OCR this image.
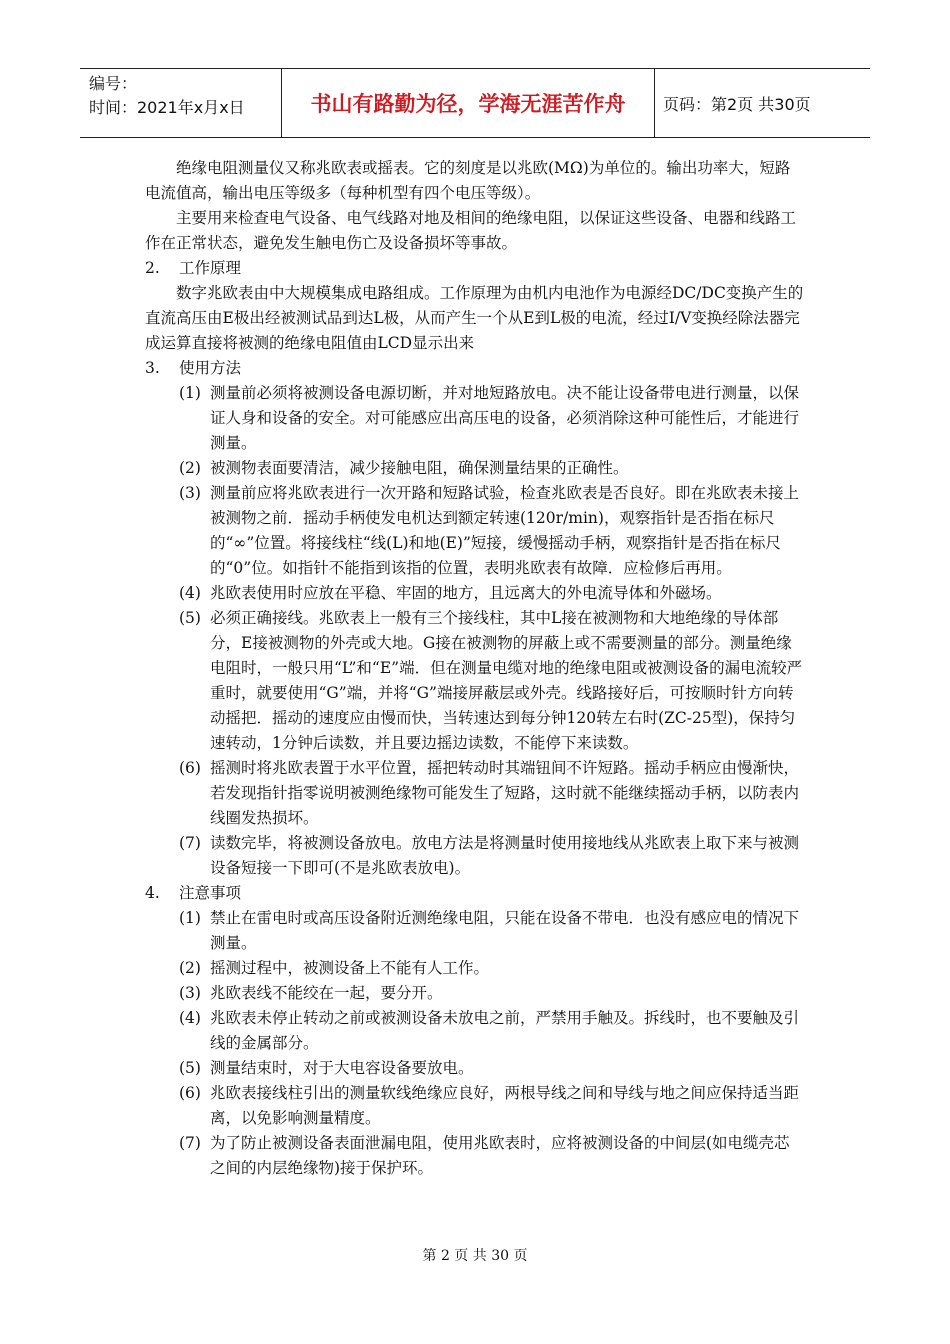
编号：
时间：2021年x月x日	书山有路勤为径，学海无涯苦作舟	页码：第2页 共30页

绝缘电阻测量仪又称兆欧表或摇表。它的刻度是以兆欧(MΩ)为单位的。输出功率大，短路电流值高，输出电压等级多（每种机型有四个电压等级）。

主要用来检查电气设备、电气线路对地及相间的绝缘电阻，以保证这些设备、电器和线路工作在正常状态，避免发生触电伤亡及设备损坏等事故。

2.	工作原理

数字兆欧表由中大规模集成电路组成。工作原理为由机内电池作为电源经DC/DC变换产生的直流高压由E极出经被测试品到达L极，从而产生一个从E到L极的电流，经过I/V变换经除法器完成运算直接将被测的绝缘电阻值由LCD显示出来

3.	使用方法
(1) 测量前必须将被测设备电源切断，并对地短路放电。决不能让设备带电进行测量，以保证人身和设备的安全。对可能感应出高压电的设备，必须消除这种可能性后，才能进行测量。
(2) 被测物表面要清洁，减少接触电阻，确保测量结果的正确性。
(3) 测量前应将兆欧表进行一次开路和短路试验，检查兆欧表是否良好。即在兆欧表未接上被测物之前．摇动手柄使发电机达到额定转速(120r/min)，观察指针是否指在标尺的“∞”位置。将接线柱“线(L)和地(E)”短接，缓慢摇动手柄，观察指针是否指在标尺的“0”位。如指针不能指到该指的位置，表明兆欧表有故障．应检修后再用。
(4) 兆欧表使用时应放在平稳、牢固的地方，且远离大的外电流导体和外磁场。
(5) 必须正确接线。兆欧表上一般有三个接线柱，其中L接在被测物和大地绝缘的导体部分，E接被测物的外壳或大地。G接在被测物的屏蔽上或不需要测量的部分。测量绝缘电阻时，一般只用“L”和“E”端．但在测量电缆对地的绝缘电阻或被测设备的漏电流较严重时，就要使用“G”端，并将“G”端接屏蔽层或外壳。线路接好后，可按顺时针方向转动摇把．摇动的速度应由慢而快，当转速达到每分钟120转左右时(ZC-25型)，保持匀速转动，1分钟后读数，并且要边摇边读数，不能停下来读数。
(6) 摇测时将兆欧表置于水平位置，摇把转动时其端钮间不许短路。摇动手柄应由慢渐快，若发现指针指零说明被测绝缘物可能发生了短路，这时就不能继续摇动手柄，以防表内线圈发热损坏。
(7) 读数完毕，将被测设备放电。放电方法是将测量时使用接地线从兆欧表上取下来与被测设备短接一下即可(不是兆欧表放电)。
4.	注意事项
(1) 禁止在雷电时或高压设备附近测绝缘电阻，只能在设备不带电．也没有感应电的情况下测量。
(2) 摇测过程中，被测设备上不能有人工作。
(3) 兆欧表线不能绞在一起，要分开。
(4) 兆欧表未停止转动之前或被测设备未放电之前，严禁用手触及。拆线时，也不要触及引线的金属部分。
(5) 测量结束时，对于大电容设备要放电。
(6) 兆欧表接线柱引出的测量软线绝缘应良好，两根导线之间和导线与地之间应保持适当距离，以免影响测量精度。
(7) 为了防止被测设备表面泄漏电阻，使用兆欧表时，应将被测设备的中间层(如电缆壳芯之间的内层绝缘物)接于保护环。
第 2 页 共 30 页
